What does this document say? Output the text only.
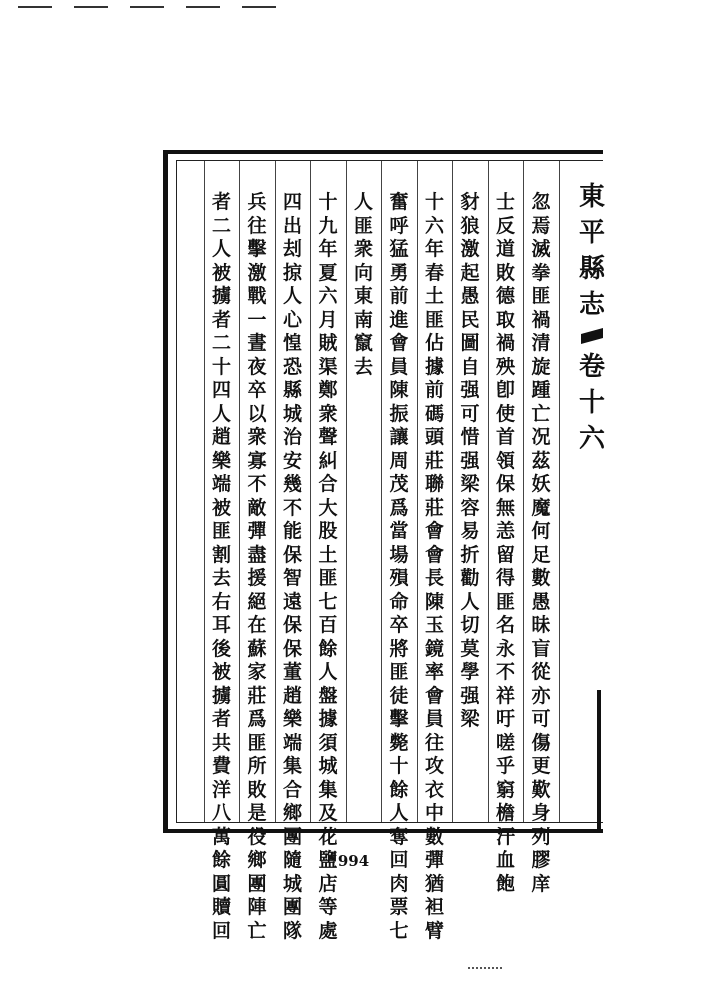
東
平
縣
志
卷
十
六
忽
焉
滅
拳
匪
禍
清
旋
踵
亡
况
茲
妖
魔
何
足
數
愚
昧
盲
從
亦
可
傷
更
歎
身
列
膠
庠
士
反
道
敗
德
取
禍
殃
卽
使
首
領
保
無
恙
留
得
匪
名
永
不
祥
吁
嗟
乎
窮
檐
汗
血
飽
豺
狼
激
起
愚
民
圖
自
强
可
惜
强
梁
容
易
折
勸
人
切
莫
學
强
梁
十
六
年
春
土
匪
佔
據
前
碼
頭
莊
聯
莊
會
會
長
陳
玉
鏡
率
會
員
往
攻
衣
中
數
彈
猶
袒
臂
奮
呼
猛
勇
前
進
會
員
陳
振
讓
周
茂
爲
當
場
殞
命
卒
將
匪
徒
擊
斃
十
餘
人
奪
回
肉
票
七
人
匪
衆
向
東
南
竄
去
十
九
年
夏
六
月
賊
渠
鄭
衆
聲
糾
合
大
股
土
匪
七
百
餘
人
盤
據
須
城
集
及
花
鹽
店
等
處
四
出
刦
掠
人
心
惶
恐
縣
城
治
安
幾
不
能
保
智
遠
保
保
董
趙
樂
端
集
合
鄉
團
隨
城
團
隊
兵
往
擊
激
戰
一
晝
夜
卒
以
衆
寡
不
敵
彈
盡
援
絕
在
蘇
家
莊
爲
匪
所
敗
是
役
鄉
團
陣
亡
者
二
人
被
擄
者
二
十
四
人
趙
樂
端
被
匪
割
去
右
耳
後
被
擄
者
共
費
洋
八
萬
餘
圓
贖
回
994
